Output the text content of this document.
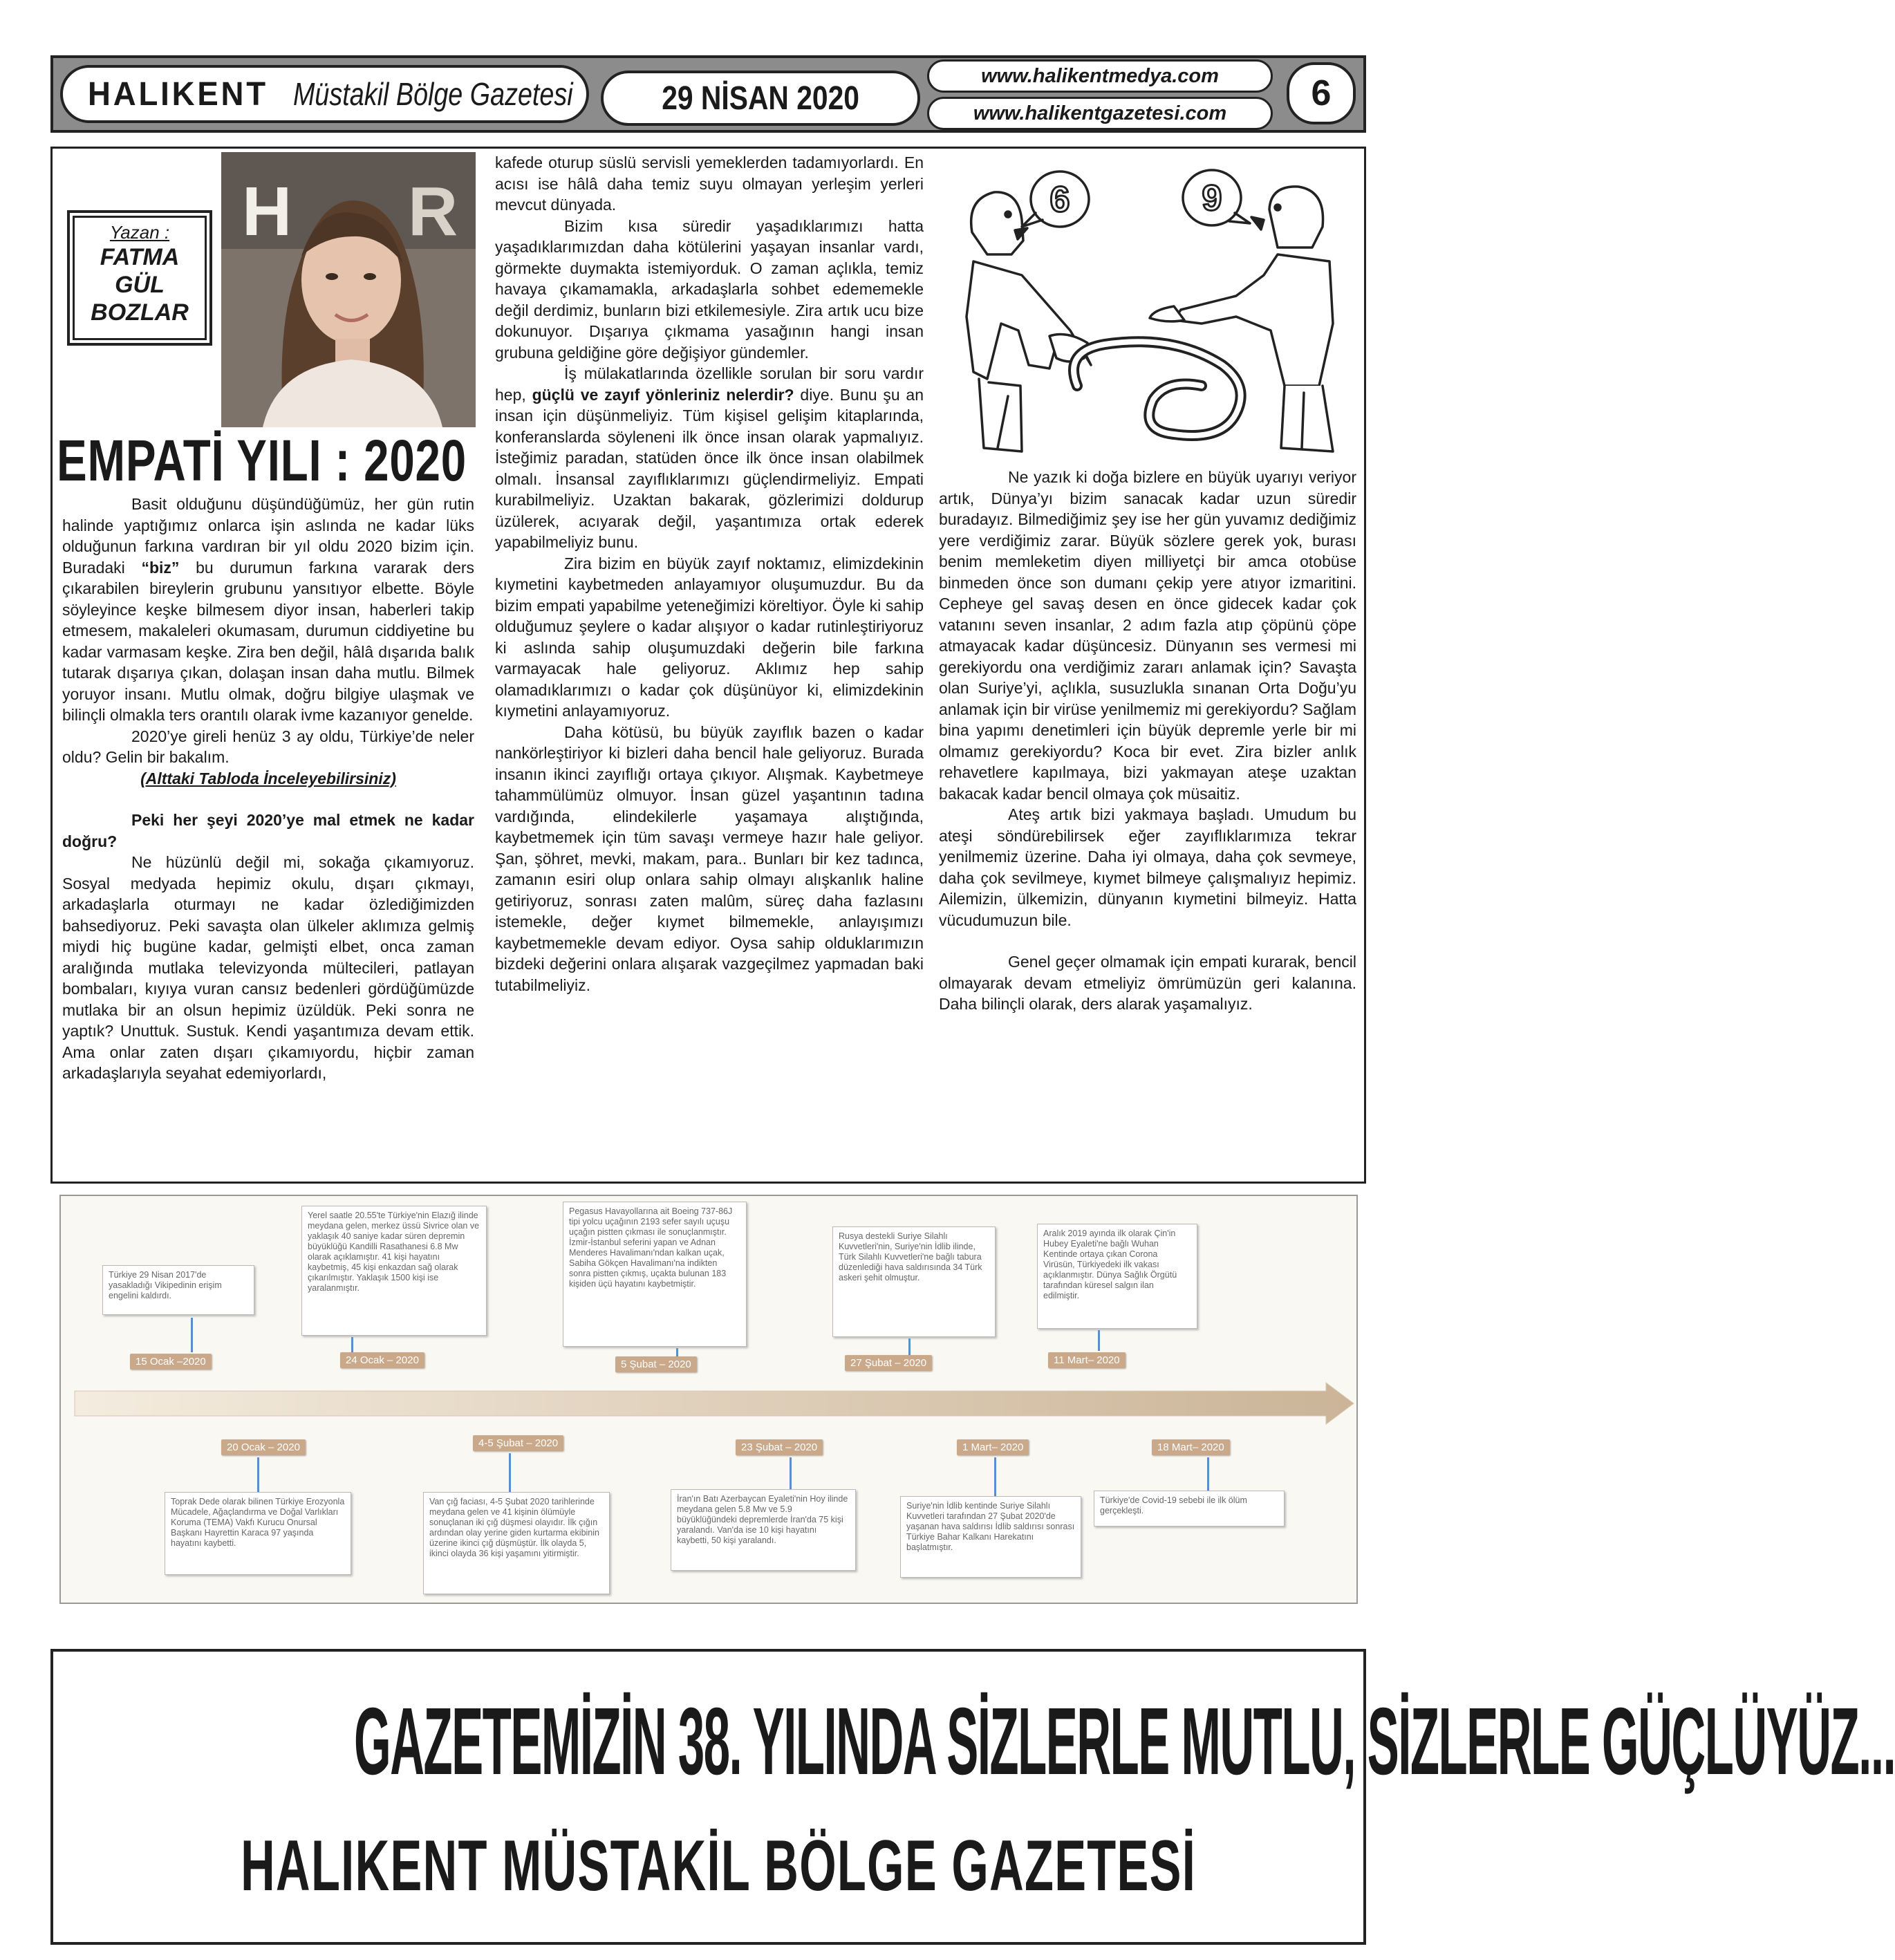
HALIKENT Müstakil Bölge Gazetesi	29 NİSAN 2020
www.halikentmedya.com
www.halikentgazetesi.com 6
H R
Yazan :
FATMA
GÜL
BOZLAR
EMPATİ YILI : 2020

Basit olduğunu düşündüğümüz, her gün rutin halinde yaptığımız onlarca işin aslında ne kadar lüks olduğunun farkına vardıran bir yıl oldu 2020 bizim için. Buradaki “biz” bu durumun farkına vararak ders çıkarabilen bireylerin grubunu yansıtıyor elbette. Böyle söyleyince keşke bilmesem diyor insan, haberleri takip etmesem, makaleleri okumasam, durumun ciddiyetine bu kadar varmasam keşke. Zira ben değil, hâlâ dışarıda balık tutarak dışarıya çıkan, dolaşan insan daha mutlu. Bilmek yoruyor insanı. Mutlu olmak, doğru bilgiye ulaşmak ve bilinçli olmakla ters orantılı olarak ivme kazanıyor genelde.

2020’ye gireli henüz 3 ay oldu, Türkiye’de neler oldu? Gelin bir bakalım.

(Alttaki Tabloda İnceleyebilirsiniz)

Peki her şeyi 2020’ye mal etmek ne kadar doğru?

Ne hüzünlü değil mi, sokağa çıkamıyoruz. Sosyal medyada hepimiz okulu, dışarı çıkmayı, arkadaşlarla oturmayı ne kadar özlediğimizden bahsediyoruz. Peki savaşta olan ülkeler aklımıza gelmiş miydi hiç bugüne kadar, gelmişti elbet, onca zaman aralığında mutlaka televizyonda mültecileri, patlayan bombaları, kıyıya vuran cansız bedenleri gördüğümüzde mutlaka bir an olsun hepimiz üzüldük. Peki sonra ne yaptık? Unuttuk. Sustuk. Kendi yaşantımıza devam ettik. Ama onlar zaten dışarı çıkamıyordu, hiçbir zaman arkadaşlarıyla seyahat edemiyorlardı,

kafede oturup süslü servisli yemeklerden tadamıyorlardı. En acısı ise hâlâ daha temiz suyu olmayan yerleşim yerleri mevcut dünyada.

Bizim kısa süredir yaşadıklarımızı hatta yaşadıklarımızdan daha kötülerini yaşayan insanlar vardı, görmekte duymakta istemiyorduk. O zaman açlıkla, temiz havaya çıkamamakla, arkadaşlarla sohbet edememekle değil derdimiz, bunların bizi etkilemesiyle. Zira artık ucu bize dokunuyor. Dışarıya çıkmama yasağının hangi insan grubuna geldiğine göre değişiyor gündemler.

İş mülakatlarında özellikle sorulan bir soru vardır hep, güçlü ve zayıf yönleriniz nelerdir? diye. Bunu şu an insan için düşünmeliyiz. Tüm kişisel gelişim kitaplarında, konferanslarda söyleneni ilk önce insan olarak yapmalıyız. İsteğimiz paradan, statüden önce ilk önce insan olabilmek olmalı. İnsansal zayıflıklarımızı güçlendirmeliyiz. Empati kurabilmeliyiz. Uzaktan bakarak, gözlerimizi doldurup üzülerek, acıyarak değil, yaşantımıza ortak ederek yapabilmeliyiz bunu.

Zira bizim en büyük zayıf noktamız, elimizdekinin kıymetini kaybetmeden anlayamıyor oluşumuzdur. Bu da bizim empati yapabilme yeteneğimizi köreltiyor. Öyle ki sahip olduğumuz şeylere o kadar alışıyor o kadar rutinleştiriyoruz ki aslında sahip oluşumuzdaki değerin bile farkına varmayacak hale geliyoruz. Aklımız hep sahip olamadıklarımızı o kadar çok düşünüyor ki, elimizdekinin kıymetini anlayamıyoruz.

Daha kötüsü, bu büyük zayıflık bazen o kadar nankörleştiriyor ki bizleri daha bencil hale geliyoruz. Burada insanın ikinci zayıflığı ortaya çıkıyor. Alışmak. Kaybetmeye tahammülümüz olmuyor. İnsan güzel yaşantının tadına vardığında, elindekilerle yaşamaya alıştığında, kaybetmemek için tüm savaşı vermeye hazır hale geliyor. Şan, şöhret, mevki, makam, para.. Bunları bir kez tadınca, zamanın esiri olup onlara sahip olmayı alışkanlık haline getiriyoruz, sonrası zaten malûm, süreç daha fazlasını istemekle, değer kıymet bilmemekle, anlayışımızı kaybetmemekle devam ediyor. Oysa sahip olduklarımızın bizdeki değerini onlara alışarak vazgeçilmez yapmadan baki tutabilmeliyiz.

6	9

Ne yazık ki doğa bizlere en büyük uyarıyı veriyor artık, Dünya’yı bizim sanacak kadar uzun süredir buradayız. Bilmediğimiz şey ise her gün yuvamız dediğimiz yere verdiğimiz zarar. Büyük sözlere gerek yok, burası benim memleketim diyen milliyetçi bir amca otobüse binmeden önce son dumanı çekip yere atıyor izmaritini. Cepheye gel savaş desen en önce gidecek kadar çok vatanını seven insanlar, 2 adım fazla atıp çöpünü çöpe atmayacak kadar düşüncesiz. Dünyanın ses vermesi mi gerekiyordu ona verdiğimiz zararı anlamak için? Savaşta olan Suriye’yi, açlıkla, susuzlukla sınanan Orta Doğu’yu anlamak için bir virüse yenilmemiz mi gerekiyordu? Sağlam bina yapımı denetimleri için büyük depremle yerle bir mi olmamız gerekiyordu? Koca bir evet. Zira bizler anlık rehavetlere kapılmaya, bizi yakmayan ateşe uzaktan bakacak kadar bencil olmaya çok müsaitiz.

Ateş artık bizi yakmaya başladı. Umudum bu ateşi söndürebilirsek eğer zayıflıklarımıza tekrar yenilmemiz üzerine. Daha iyi olmaya, daha çok sevmeye, daha çok sevilmeye, kıymet bilmeye çalışmalıyız hepimiz. Ailemizin, ülkemizin, dünyanın kıymetini bilmeyiz. Hatta vücudumuzun bile.

Genel geçer olmamak için empati kurarak, bencil olmayarak devam etmeliyiz ömrümüzün geri kalanına. Daha bilinçli olarak, ders alarak yaşamalıyız.

Türkiye 29 Nisan 2017'de yasakladığı Vikipedinin erişim engelini kaldırdı.
15 Ocak –2020
Yerel saatle 20.55'te Türkiye'nin Elazığ ilinde meydana gelen, merkez üssü Sivrice olan ve yaklaşık 40 saniye kadar süren depremin büyüklüğü Kandilli Rasathanesi 6.8 Mw olarak açıklamıştır. 41 kişi hayatını kaybetmiş, 45 kişi enkazdan sağ olarak çıkarılmıştır. Yaklaşık 1500 kişi ise yaralanmıştır.
24 Ocak – 2020
Pegasus Havayollarına ait Boeing 737-86J tipi yolcu uçağının 2193 sefer sayılı uçuşu uçağın pistten çıkması ile sonuçlanmıştır. İzmir-İstanbul seferini yapan ve Adnan Menderes Havalimanı'ndan kalkan uçak, Sabiha Gökçen Havalimanı'na indikten sonra pistten çıkmış, uçakta bulunan 183 kişiden üçü hayatını kaybetmiştir.
5 Şubat – 2020
Rusya destekli Suriye Silahlı Kuvvetleri'nin, Suriye'nin İdlib ilinde, Türk Silahlı Kuvvetleri'ne bağlı tabura düzenlediği hava saldırısında 34 Türk askeri şehit olmuştur.
27 Şubat – 2020
Aralık 2019 ayında ilk olarak Çin'in Hubey Eyaleti'ne bağlı Wuhan Kentinde ortaya çıkan Corona Virüsün, Türkiyedeki ilk vakası açıklanmıştır. Dünya Sağlık Örgütü tarafından küresel salgın ilan edilmiştir.
11 Mart– 2020
20 Ocak – 2020
Toprak Dede olarak bilinen Türkiye Erozyonla Mücadele, Ağaçlandırma ve Doğal Varlıkları Koruma (TEMA) Vakfı Kurucu Onursal Başkanı Hayrettin Karaca 97 yaşında hayatını kaybetti.
4-5 Şubat – 2020
Van çığ faciası, 4-5 Şubat 2020 tarihlerinde meydana gelen ve 41 kişinin ölümüyle sonuçlanan iki çığ düşmesi olayıdır. İlk çığın ardından olay yerine giden kurtarma ekibinin üzerine ikinci çığ düşmüştür. İlk olayda 5, ikinci olayda 36 kişi yaşamını yitirmiştir.
23 Şubat – 2020
İran'ın Batı Azerbaycan Eyaleti'nin Hoy ilinde meydana gelen 5.8 Mw ve 5.9 büyüklüğündeki depremlerde İran'da 75 kişi yaralandı. Van'da ise 10 kişi hayatını kaybetti, 50 kişi yaralandı.
1 Mart– 2020
Suriye'nin İdlib kentinde Suriye Silahlı Kuvvetleri tarafından 27 Şubat 2020'de yaşanan hava saldırısı İdlib saldırısı sonrası Türkiye Bahar Kalkanı Harekatını başlatmıştır.
18 Mart– 2020
Türkiye'de Covid-19 sebebi ile ilk ölüm gerçekleşti.
GAZETEMİZİN 38. YILINDA SİZLERLE MUTLU, SİZLERLE GÜÇLÜYÜZ...
HALIKENT MÜSTAKİL BÖLGE GAZETESİ
